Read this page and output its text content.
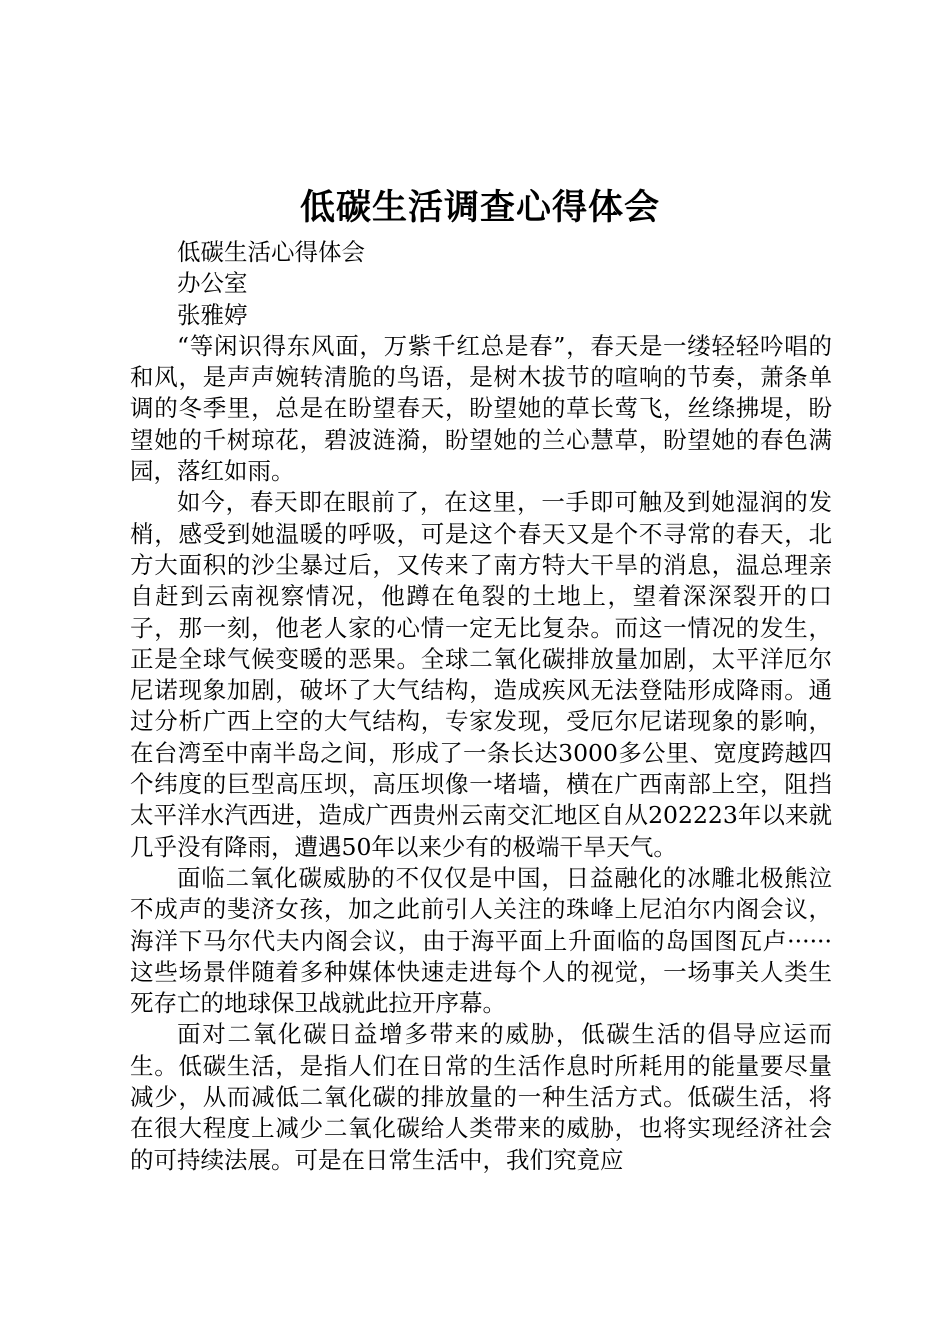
低碳生活调查心得体会

低碳生活心得体会

办公室

张雅婷

“等闲识得东风面，万紫千红总是春”，春天是一缕轻轻吟唱的和风，是声声婉转清脆的鸟语，是树木拔节的喧响的节奏，萧条单调的冬季里，总是在盼望春天，盼望她的草长莺飞，丝绦拂堤，盼望她的千树琼花，碧波涟漪，盼望她的兰心慧草，盼望她的春色满园，落红如雨。

如今，春天即在眼前了，在这里，一手即可触及到她湿润的发梢，感受到她温暖的呼吸，可是这个春天又是个不寻常的春天，北方大面积的沙尘暴过后，又传来了南方特大干旱的消息，温总理亲自赶到云南视察情况，他蹲在龟裂的土地上，望着深深裂开的口子，那一刻，他老人家的心情一定无比复杂。而这一情况的发生，正是全球气候变暖的恶果。全球二氧化碳排放量加剧，太平洋厄尔尼诺现象加剧，破坏了大气结构，造成疾风无法登陆形成降雨。通过分析广西上空的大气结构，专家发现，受厄尔尼诺现象的影响，在台湾至中南半岛之间，形成了一条长达3000多公里、宽度跨越四个纬度的巨型高压坝，高压坝像一堵墙，横在广西南部上空，阻挡太平洋水汽西进，造成广西贵州云南交汇地区自从202223年以来就几乎没有降雨，遭遇50年以来少有的极端干旱天气。

面临二氧化碳威胁的不仅仅是中国，日益融化的冰雕北极熊泣不成声的斐济女孩，加之此前引人关注的珠峰上尼泊尔内阁会议，海洋下马尔代夫内阁会议，由于海平面上升面临的岛国图瓦卢······这些场景伴随着多种媒体快速走进每个人的视觉，一场事关人类生死存亡的地球保卫战就此拉开序幕。

面对二氧化碳日益增多带来的威胁，低碳生活的倡导应运而生。低碳生活，是指人们在日常的生活作息时所耗用的能量要尽量减少，从而减低二氧化碳的排放量的一种生活方式。低碳生活，将在很大程度上减少二氧化碳给人类带来的威胁，也将实现经济社会的可持续法展。可是在日常生活中，我们究竟应
